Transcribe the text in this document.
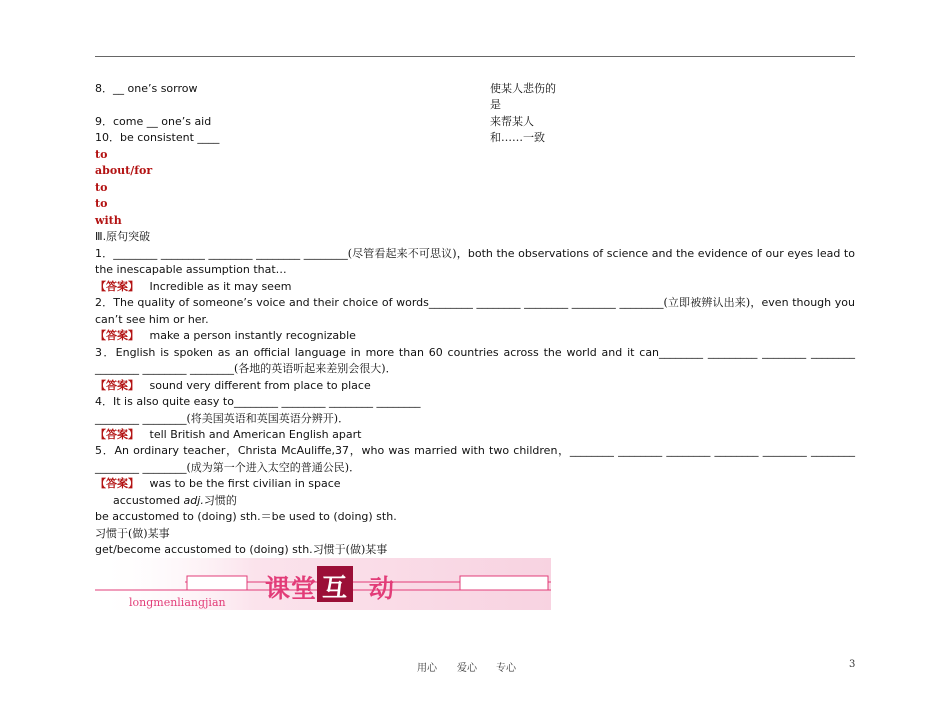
8．__ one’s sorrow	使某人悲伤的
是
9．come __ one’s aid	来帮某人
10．be consistent ____	和……一致
to
about/for
to
to
with
Ⅲ.原句突破
1．________ ________ ________ ________ ________(尽管看起来不可思议)，both the observations of science and the evidence of our eyes lead to
the inescapable assumption that…
【答案】 Incredible as it may seem
2．The quality of someone’s voice and their choice of words________ ________ ________ ________ ________(立即被辨认出来)，even though you
can’t see him or her.
【答案】 make a person instantly recognizable
3．English is spoken as an official language in more than 60 countries across the world and it can________ _________ ________ ________
________ ________ ________(各地的英语听起来差别会很大)．
【答案】 sound very different from place to place
4．It is also quite easy to________ ________ ________ ________
________ ________(将美国英语和英国英语分辨开)．
【答案】 tell British and American English apart
5．An ordinary teacher，Christa McAuliffe,37，who was married with two children，________ ________ ________ ________ ________ ________
________ ________(成为第一个进入太空的普通公民)．
【答案】 was to be the first civilian in space
accustomed adj.习惯的
be accustomed to (doing) sth.＝be used to (doing) sth.
习惯于(做)某事
get/become accustomed to (doing) sth.习惯于(做)某事
课 堂 互 动
longmenliangjian
用心 爱心 专心	3
